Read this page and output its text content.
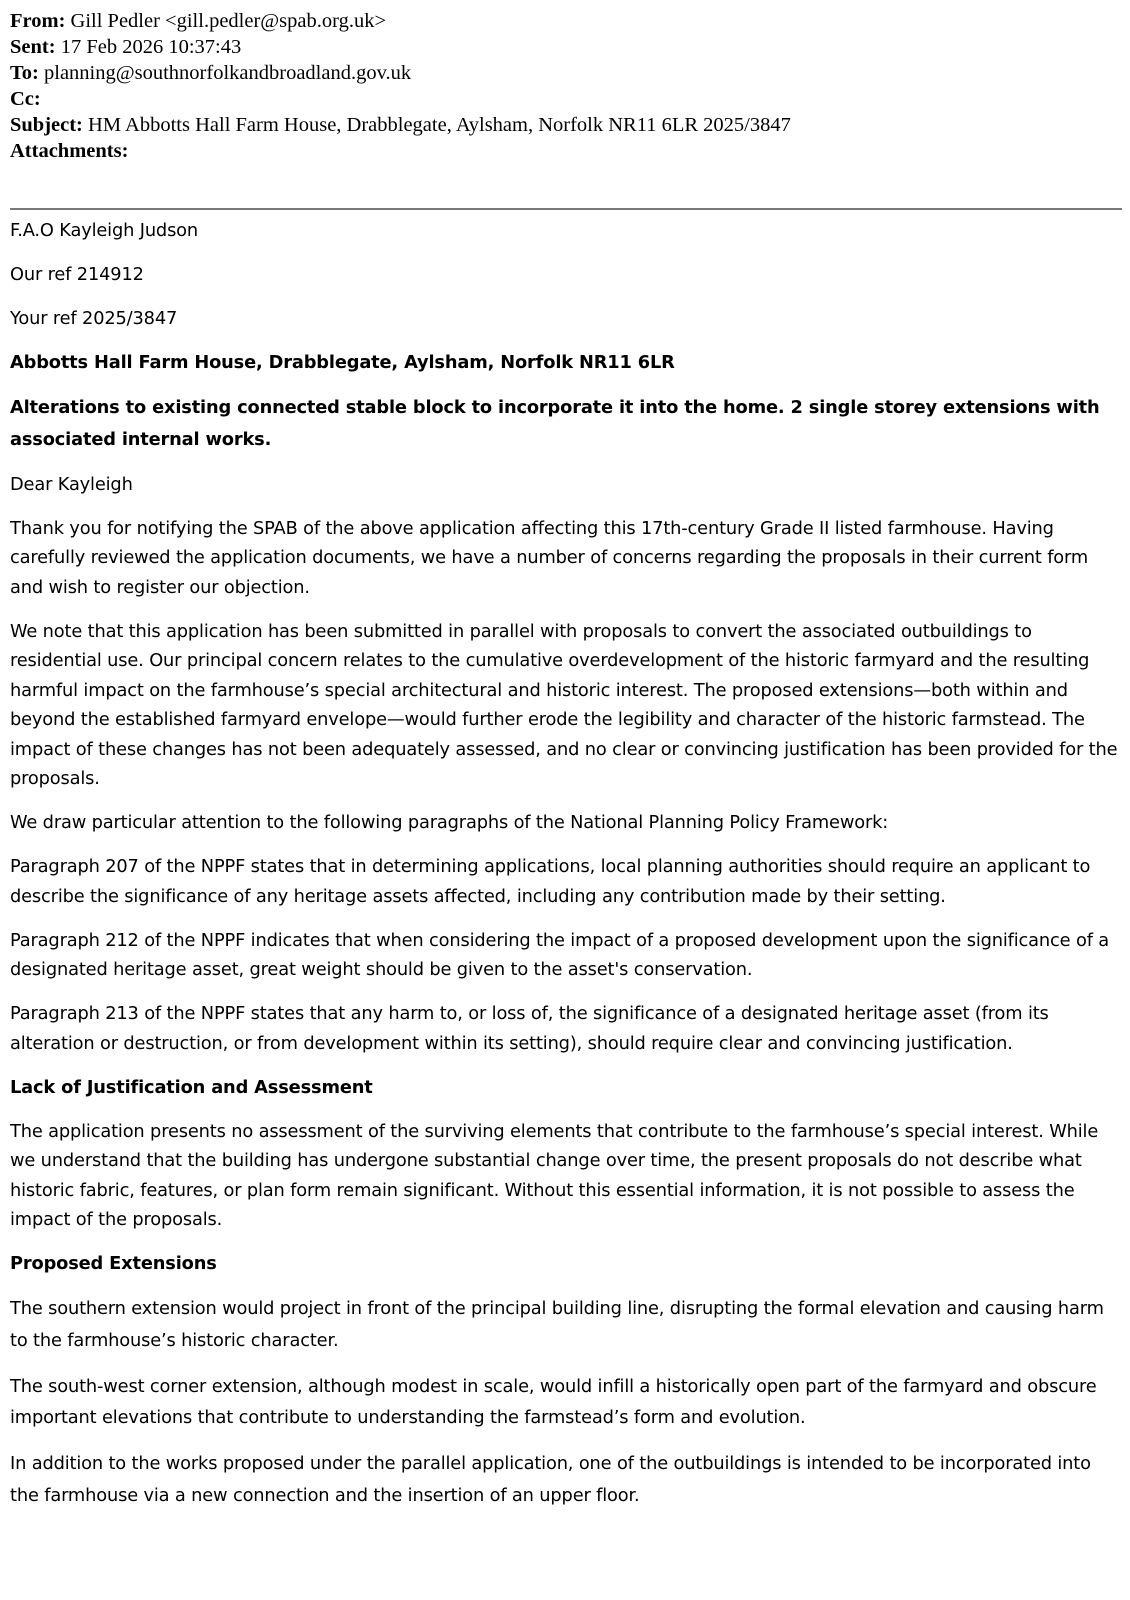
From: Gill Pedler <gill.pedler@spab.org.uk>
Sent: 17 Feb 2026 10:37:43
To: planning@southnorfolkandbroadland.gov.uk
Cc:
Subject: HM Abbotts Hall Farm House, Drabblegate, Aylsham, Norfolk NR11 6LR 2025/3847
Attachments:

F.A.O Kayleigh Judson

Our ref 214912

Your ref 2025/3847

Abbotts Hall Farm House, Drabblegate, Aylsham, Norfolk NR11 6LR

Alterations to existing connected stable block to incorporate it into the home. 2 single storey extensions with associated internal works.

Dear Kayleigh

Thank you for notifying the SPAB of the above application affecting this 17th-century Grade II listed farmhouse. Having carefully reviewed the application documents, we have a number of concerns regarding the proposals in their current form and wish to register our objection.

We note that this application has been submitted in parallel with proposals to convert the associated outbuildings to residential use. Our principal concern relates to the cumulative overdevelopment of the historic farmyard and the resulting harmful impact on the farmhouse’s special architectural and historic interest. The proposed extensions—both within and beyond the established farmyard envelope—would further erode the legibility and character of the historic farmstead. The impact of these changes has not been adequately assessed, and no clear or convincing justification has been provided for the proposals.

We draw particular attention to the following paragraphs of the National Planning Policy Framework:

Paragraph 207 of the NPPF states that in determining applications, local planning authorities should require an applicant to describe the significance of any heritage assets affected, including any contribution made by their setting.

Paragraph 212 of the NPPF indicates that when considering the impact of a proposed development upon the significance of a designated heritage asset, great weight should be given to the asset's conservation.

Paragraph 213 of the NPPF states that any harm to, or loss of, the significance of a designated heritage asset (from its alteration or destruction, or from development within its setting), should require clear and convincing justification.

Lack of Justification and Assessment

The application presents no assessment of the surviving elements that contribute to the farmhouse’s special interest. While we understand that the building has undergone substantial change over time, the present proposals do not describe what historic fabric, features, or plan form remain significant. Without this essential information, it is not possible to assess the impact of the proposals.

Proposed Extensions

The southern extension would project in front of the principal building line, disrupting the formal elevation and causing harm to the farmhouse’s historic character.

The south-west corner extension, although modest in scale, would infill a historically open part of the farmyard and obscure important elevations that contribute to understanding the farmstead’s form and evolution.

In addition to the works proposed under the parallel application, one of the outbuildings is intended to be incorporated into the farmhouse via a new connection and the insertion of an upper floor.
